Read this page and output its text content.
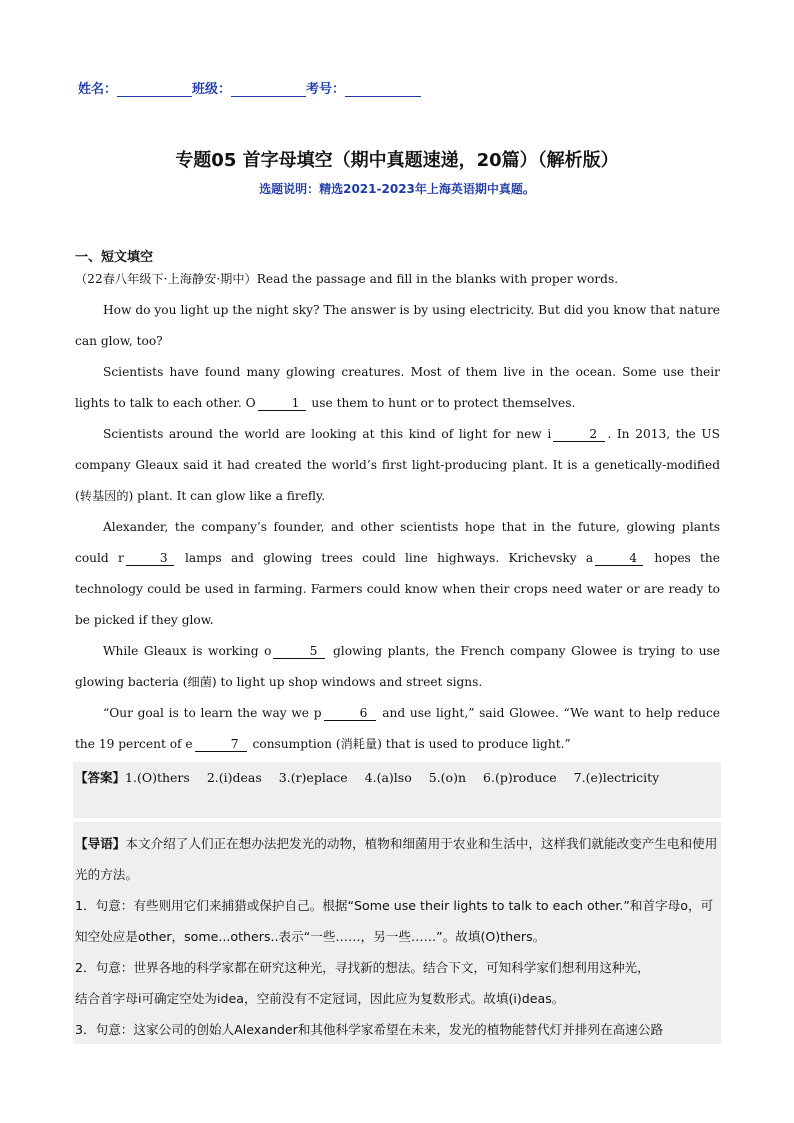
姓名：	班级：	考号：
专题05 首字母填空（期中真题速递，20篇）（解析版）
选题说明：精选2021-2023年上海英语期中真题。
一、短文填空
（22春八年级下·上海静安·期中）Read the passage and fill in the blanks with proper words.

How do you light up the night sky? The answer is by using electricity. But did you know that nature can glow, too?

Scientists have found many glowing creatures. Most of them live in the ocean. Some use their lights to talk to each other. O	1 use them to hunt or to protect themselves.

Scientists around the world are looking at this kind of light for new i	2 . In 2013, the US company Gleaux said it had created the world’s first light-producing plant. It is a genetically-modified (转基因的) plant. It can glow like a firefly.

Alexander, the company’s founder, and other scientists hope that in the future, glowing plants could r	3 lamps and glowing trees could line highways. Krichevsky a	4 hopes the technology could be used in farming. Farmers could know when their crops need water or are ready to be picked if they glow.

While Gleaux is working o	5 glowing plants, the French company Glowee is trying to use glowing bacteria (细菌) to light up shop windows and street signs.

“Our goal is to learn the way we p	6 and use light,” said Glowee. “We want to help reduce the 19 percent of e	7 consumption (消耗量) that is used to produce light.”

【答案】1.(O)thers 2.(i)deas 3.(r)eplace 4.(a)lso 5.(o)n 6.(p)roduce 7.(e)lectricity

【导语】本文介绍了人们正在想办法把发光的动物，植物和细菌用于农业和生活中，这样我们就能改变产生电和使用光的方法。

1．句意：有些则用它们来捕猎或保护自己。根据“Some use their lights to talk to each other.”和首字母o，可

知空处应是other，some...others..表示“一些……，另一些……”。故填(O)thers。

2．句意：世界各地的科学家都在研究这种光，寻找新的想法。结合下文，可知科学家们想利用这种光，

结合首字母i可确定空处为idea，空前没有不定冠词，因此应为复数形式。故填(i)deas。

3．句意：这家公司的创始人Alexander和其他科学家希望在未来，发光的植物能替代灯并排列在高速公路
